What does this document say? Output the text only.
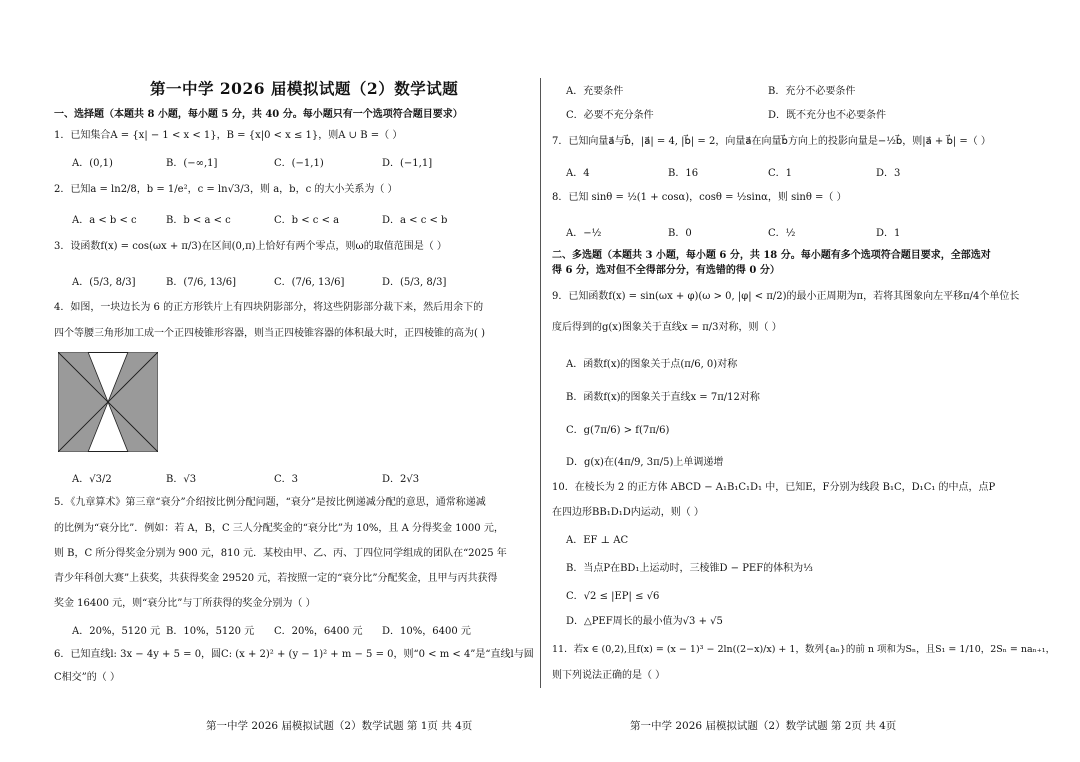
第一中学 2026 届模拟试题（2）数学试题
一、选择题（本题共 8 小题，每小题 5 分，共 40 分。每小题只有一个选项符合题目要求）
1．已知集合A = {x| − 1 < x < 1}，B = {x|0 < x ≤ 1}，则A ∪ B =（ ）
A．(0,1)	B．(−∞,1]	C．(−1,1)	D．(−1,1]
2．已知a = ln2/8，b = 1/e²，c = ln√3/3，则 a，b，c 的大小关系为（ ）
A．a < b < c	B．b < a < c	C．b < c < a	D．a < c < b
3．设函数f(x) = cos(ωx + π/3)在区间(0,π)上恰好有两个零点，则ω的取值范围是（ ）
A．(5/3, 8/3]	B．(7/6, 13/6]	C．(7/6, 13/6]	D．(5/3, 8/3]
4．如图，一块边长为 6 的正方形铁片上有四块阴影部分，将这些阴影部分裁下来，然后用余下的
四个等腰三角形加工成一个正四棱锥形容器，则当正四棱锥容器的体积最大时，正四棱锥的高为( )
A．√3/2	B．√3	C．3	D．2√3
5．《九章算术》第三章“衰分”介绍按比例分配问题，“衰分”是按比例递减分配的意思，通常称递减
的比例为“衰分比”．例如：若 A，B，C 三人分配奖金的“衰分比”为 10%，且 A 分得奖金 1000 元，
则 B，C 所分得奖金分别为 900 元，810 元．某校由甲、乙、丙、丁四位同学组成的团队在“2025 年
青少年科创大赛”上获奖，共获得奖金 29520 元，若按照一定的“衰分比”分配奖金，且甲与丙共获得
奖金 16400 元，则“衰分比”与丁所获得的奖金分别为（ ）
A．20%，5120 元 B．10%，5120 元 C．20%，6400 元 D．10%，6400 元
6．已知直线l: 3x − 4y + 5 = 0，圆C: (x + 2)² + (y − 1)² + m − 5 = 0，则“0 < m < 4”是“直线l与圆
C相交”的（ ）
A．充要条件	B．充分不必要条件
C．必要不充分条件	D．既不充分也不必要条件
7．已知向量a⃗与b⃗，|a⃗| = 4, |b⃗| = 2，向量a⃗在向量b⃗方向上的投影向量是−½b⃗，则|a⃗ + b⃗| =（ ）
A．4	B．16	C．1	D．3
8．已知 sinθ = ½(1 + cosα)，cosθ = ½sinα，则 sinθ =（ ）
A．−½	B．0	C．½	D．1
二、多选题（本题共 3 小题，每小题 6 分，共 18 分。每小题有多个选项符合题目要求，全部选对
得 6 分，选对但不全得部分分，有选错的得 0 分）
9．已知函数f(x) = sin(ωx + φ)(ω > 0, |φ| < π/2)的最小正周期为π，若将其图象向左平移π/4个单位长
度后得到的g(x)图象关于直线x = π/3对称，则（ ）
A．函数f(x)的图象关于点(π/6, 0)对称
B．函数f(x)的图象关于直线x = 7π/12对称
C．g(7π/6) > f(7π/6)
D．g(x)在(4π/9, 3π/5)上单调递增
10．在棱长为 2 的正方体 ABCD − A₁B₁C₁D₁ 中，已知E，F分别为线段 B₁C，D₁C₁ 的中点，点P
在四边形BB₁D₁D内运动，则（ ）
A．EF ⊥ AC
B．当点P在BD₁上运动时，三棱锥D − PEF的体积为⅓
C．√2 ≤ |EP| ≤ √6
D．△PEF周长的最小值为√3 + √5
11．若x ∈ (0,2),且f(x) = (x − 1)³ − 2ln((2−x)/x) + 1，数列{aₙ}的前 n 项和为Sₙ，且S₁ = 1/10，2Sₙ = naₙ₊₁，
则下列说法正确的是（ ）
第一中学 2026 届模拟试题（2）数学试题 第 1页 共 4页	第一中学 2026 届模拟试题（2）数学试题 第 2页 共 4页
